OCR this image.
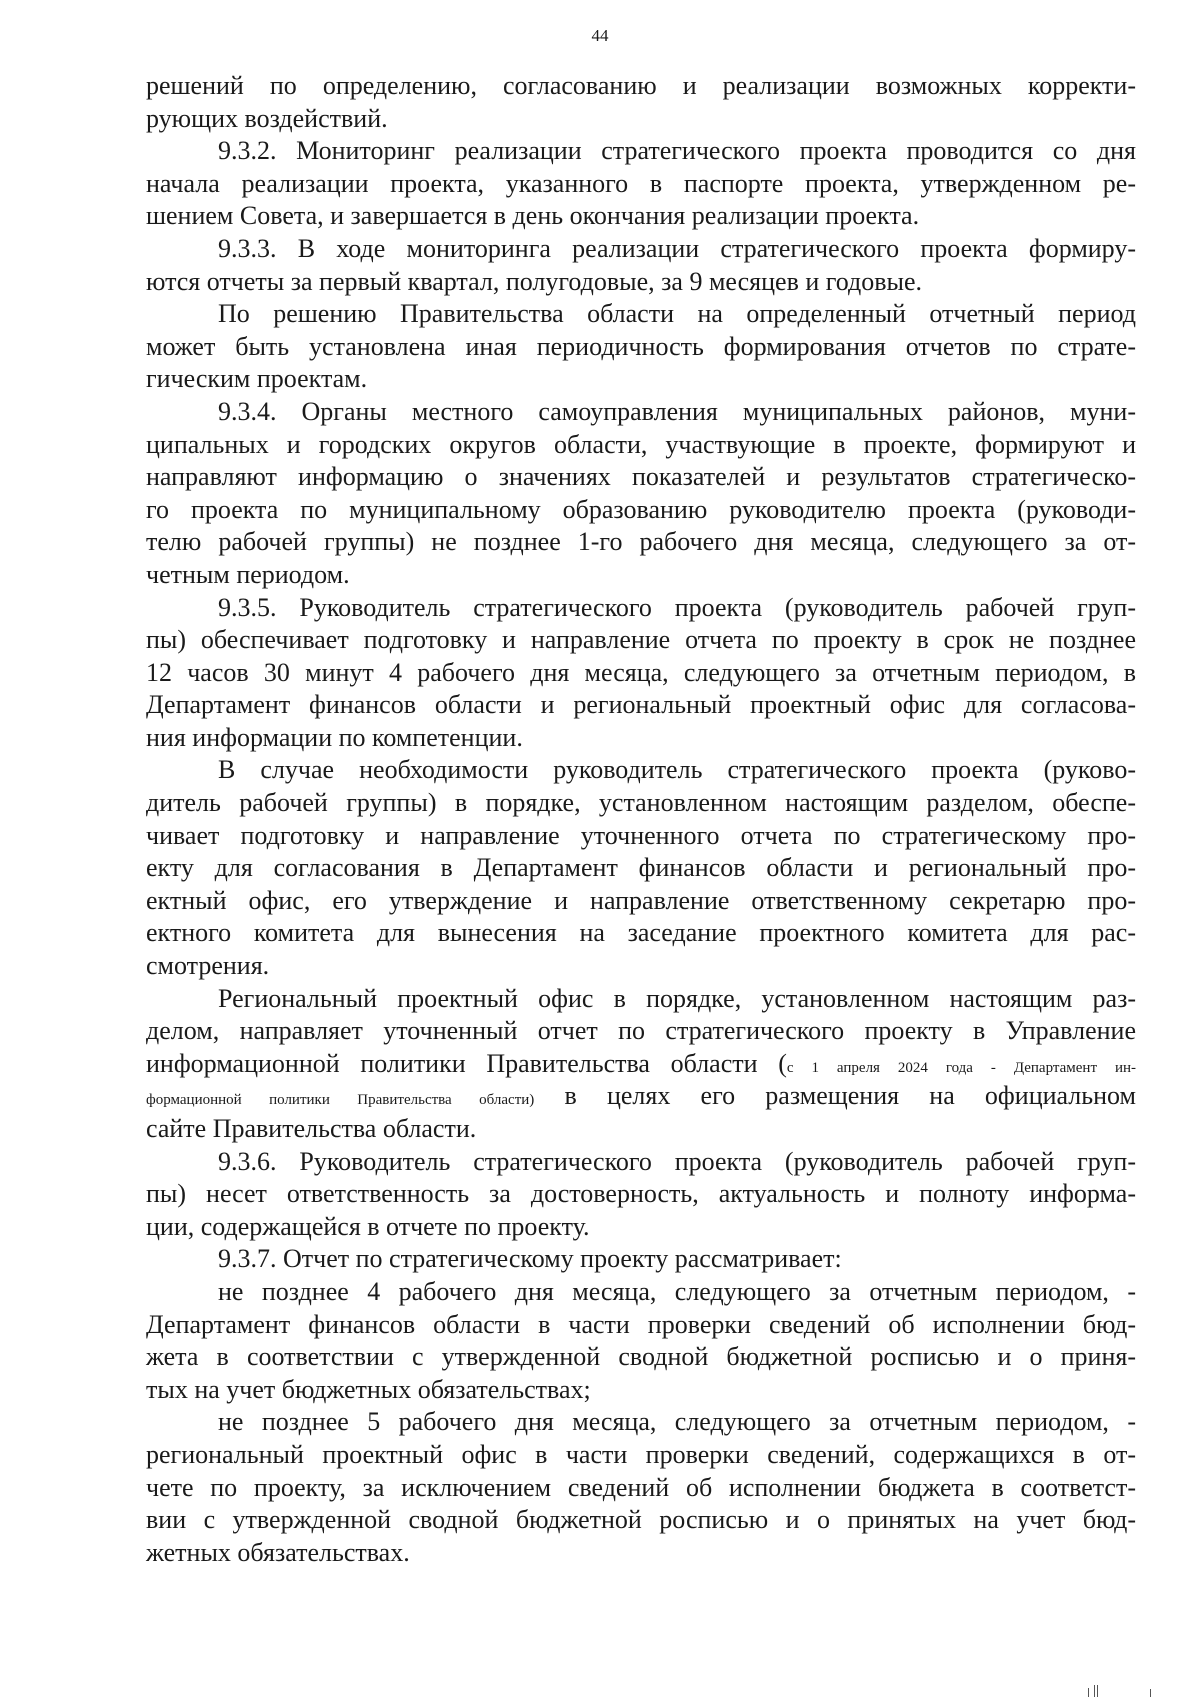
44
решений по определению, согласованию и реализации возможных корректи-
рующих воздействий.
9.3.2. Мониторинг реализации стратегического проекта проводится со дня
начала реализации проекта, указанного в паспорте проекта, утвержденном ре-
шением Совета, и завершается в день окончания реализации проекта.
9.3.3. В ходе мониторинга реализации стратегического проекта формиру-
ются отчеты за первый квартал, полугодовые, за 9 месяцев и годовые.
По решению Правительства области на определенный отчетный период
может быть установлена иная периодичность формирования отчетов по страте-
гическим проектам.
9.3.4. Органы местного самоуправления муниципальных районов, муни-
ципальных и городских округов области, участвующие в проекте, формируют и
направляют информацию о значениях показателей и результатов стратегическо-
го проекта по муниципальному образованию руководителю проекта (руководи-
телю рабочей группы) не позднее 1-го рабочего дня месяца, следующего за от-
четным периодом.
9.3.5. Руководитель стратегического проекта (руководитель рабочей груп-
пы) обеспечивает подготовку и направление отчета по проекту в срок не позднее
12 часов 30 минут 4 рабочего дня месяца, следующего за отчетным периодом, в
Департамент финансов области и региональный проектный офис для согласова-
ния информации по компетенции.
В случае необходимости руководитель стратегического проекта (руково-
дитель рабочей группы) в порядке, установленном настоящим разделом, обеспе-
чивает подготовку и направление уточненного отчета по стратегическому про-
екту для согласования в Департамент финансов области и региональный про-
ектный офис, его утверждение и направление ответственному секретарю про-
ектного комитета для вынесения на заседание проектного комитета для рас-
смотрения.
Региональный проектный офис в порядке, установленном настоящим раз-
делом, направляет уточненный отчет по стратегического проекту в Управление
информационной политики Правительства области (с 1 апреля 2024 года - Департамент ин-
формационной политики Правительства области) в целях его размещения на официальном
сайте Правительства области.
9.3.6. Руководитель стратегического проекта (руководитель рабочей груп-
пы) несет ответственность за достоверность, актуальность и полноту информа-
ции, содержащейся в отчете по проекту.
9.3.7. Отчет по стратегическому проекту рассматривает:
не позднее 4 рабочего дня месяца, следующего за отчетным периодом, -
Департамент финансов области в части проверки сведений об исполнении бюд-
жета в соответствии с утвержденной сводной бюджетной росписью и о приня-
тых на учет бюджетных обязательствах;
не позднее 5 рабочего дня месяца, следующего за отчетным периодом, -
региональный проектный офис в части проверки сведений, содержащихся в от-
чете по проекту, за исключением сведений об исполнении бюджета в соответст-
вии с утвержденной сводной бюджетной росписью и о принятых на учет бюд-
жетных обязательствах.
